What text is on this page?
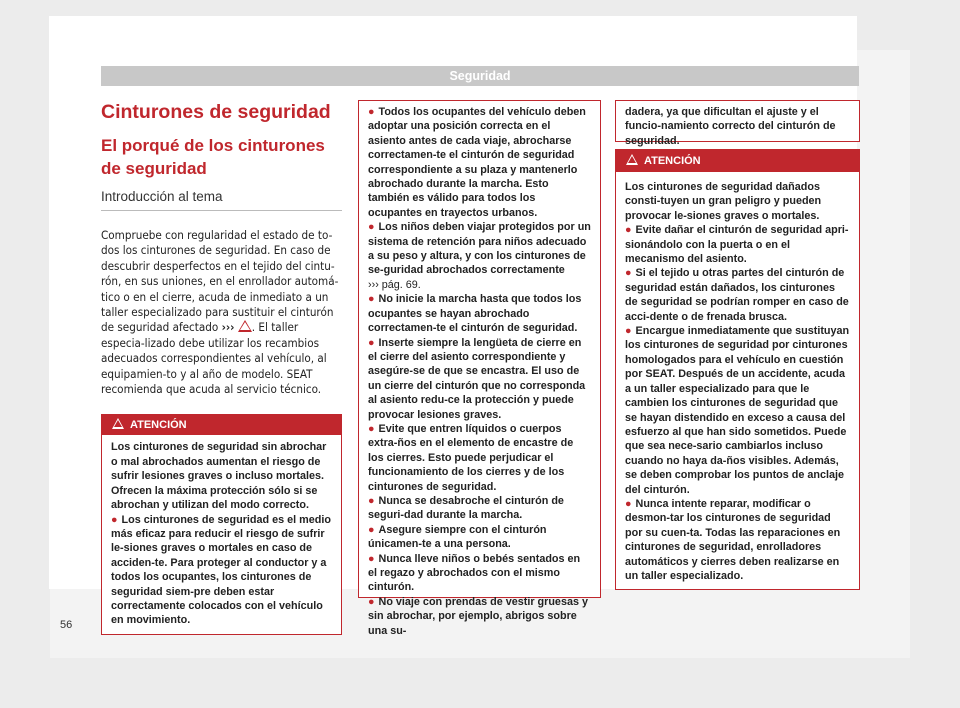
Seguridad
Cinturones de seguridad
El porqué de los cinturones de seguridad
Introducción al tema

Compruebe con regularidad el estado de to-dos los cinturones de seguridad. En caso de descubrir desperfectos en el tejido del cintu-rón, en sus uniones, en el enrollador automá-tico o en el cierre, acuda de inmediato a un taller especializado para sustituir el cinturón de seguridad afectado ››› . El taller especia-lizado debe utilizar los recambios adecuados correspondientes al vehículo, al equipamien-to y al año de modelo. SEAT recomienda que acuda al servicio técnico.

ATENCIÓN

Los cinturones de seguridad sin abrochar o mal abrochados aumentan el riesgo de sufrir lesiones graves o incluso mortales. Ofrecen la máxima protección sólo si se abrochan y utilizan del modo correcto.

● Los cinturones de seguridad es el medio más eficaz para reducir el riesgo de sufrir le-siones graves o mortales en caso de acciden-te. Para proteger al conductor y a todos los ocupantes, los cinturones de seguridad siem-pre deben estar correctamente colocados con el vehículo en movimiento.
● Todos los ocupantes del vehículo deben adoptar una posición correcta en el asiento antes de cada viaje, abrocharse correctamen-te el cinturón de seguridad correspondiente a su plaza y mantenerlo abrochado durante la marcha. Esto también es válido para todos los ocupantes en trayectos urbanos.
● Los niños deben viajar protegidos por un sistema de retención para niños adecuado a su peso y altura, y con los cinturones de se-guridad abrochados correctamente
››› pág. 69.
● No inicie la marcha hasta que todos los ocupantes se hayan abrochado correctamen-te el cinturón de seguridad.
● Inserte siempre la lengüeta de cierre en el cierre del asiento correspondiente y asegúre-se de que se encastra. El uso de un cierre del cinturón que no corresponda al asiento redu-ce la protección y puede provocar lesiones graves.
● Evite que entren líquidos o cuerpos extra-ños en el elemento de encastre de los cierres. Esto puede perjudicar el funcionamiento de los cierres y de los cinturones de seguridad.
● Nunca se desabroche el cinturón de seguri-dad durante la marcha.
● Asegure siempre con el cinturón únicamen-te a una persona.
● Nunca lleve niños o bebés sentados en el regazo y abrochados con el mismo cinturón.
● No viaje con prendas de vestir gruesas y sin abrochar, por ejemplo, abrigos sobre una su-

dadera, ya que dificultan el ajuste y el funcio-namiento correcto del cinturón de seguridad.

ATENCIÓN

Los cinturones de seguridad dañados consti-tuyen un gran peligro y pueden provocar le-siones graves o mortales.

● Evite dañar el cinturón de seguridad apri-sionándolo con la puerta o en el mecanismo del asiento.
● Si el tejido u otras partes del cinturón de seguridad están dañados, los cinturones de seguridad se podrían romper en caso de acci-dente o de frenada brusca.
● Encargue inmediatamente que sustituyan los cinturones de seguridad por cinturones homologados para el vehículo en cuestión por SEAT. Después de un accidente, acuda a un taller especializado para que le cambien los cinturones de seguridad que se hayan distendido en exceso a causa del esfuerzo al que han sido sometidos. Puede que sea nece-sario cambiarlos incluso cuando no haya da-ños visibles. Además, se deben comprobar los puntos de anclaje del cinturón.
● Nunca intente reparar, modificar o desmon-tar los cinturones de seguridad por su cuen-ta. Todas las reparaciones en cinturones de seguridad, enrolladores automáticos y cierres deben realizarse en un taller especializado.
56
